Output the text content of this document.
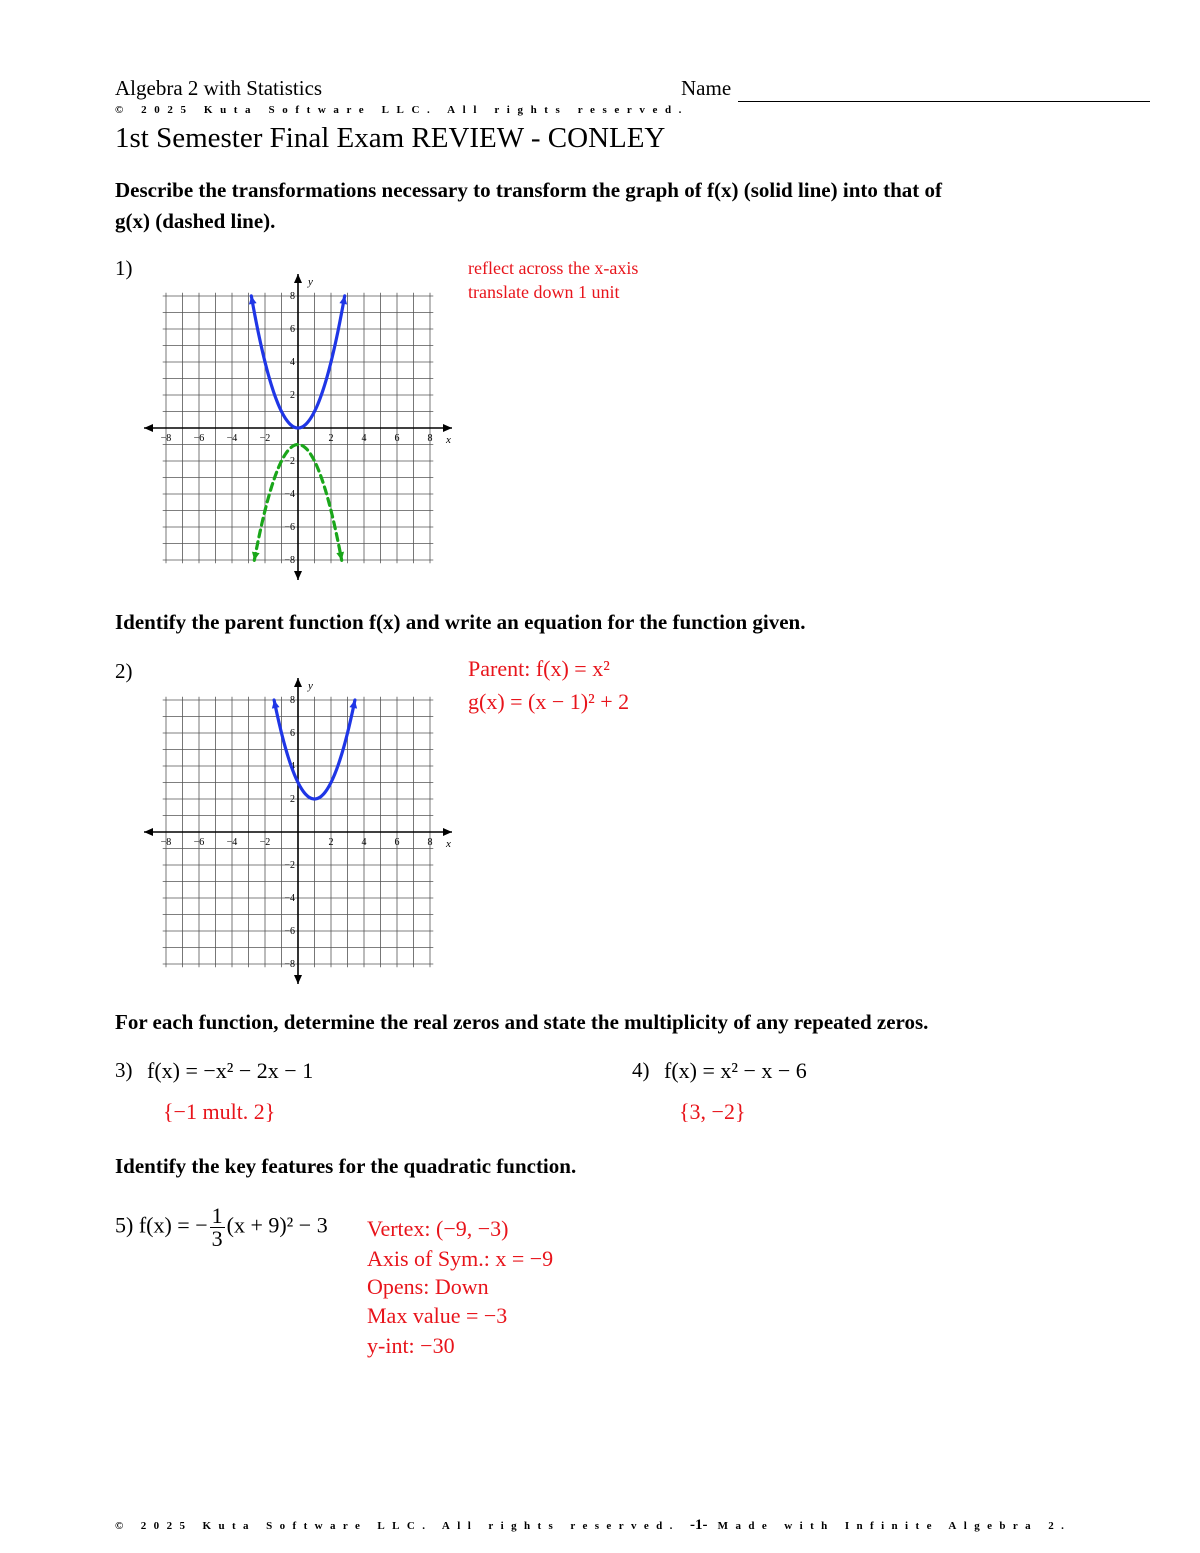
Algebra 2 with Statistics	Name
© 2025 Kuta Software LLC. All rights reserved.
1st Semester Final Exam REVIEW - CONLEY
Describe the transformations necessary to transform the graph of f(x) (solid line) into that of
g(x) (dashed line).
1)	reflect across the x-axis
translate down 1 unit
−8 −6 −4 −2	2	4	6	8
8
6
4
2
−2
−4
−6
−8
x
y
Identify the parent function f(x) and write an equation for the function given.
2)	Parent: f(x) = x²
g(x) = (x − 1)² + 2
−8 −6 −4 −2	2	4	6	8
8
6
4
2
−2
−4
−6
−8
x
y
For each function, determine the real zeros and state the multiplicity of any repeated zeros.
3) f(x) = −x² − 2x − 1
{−1 mult. 2}
4) f(x) = x² − x − 6
{3, −2}
Identify the key features for the quadratic function.
5) f(x) = − $\frac{1}{3} (x + 9)^2 - 3$ Vertex: (−9, −3)
Axis of Sym.: x = −9
Opens: Down
Max value = −3
y-int: −30
© 2025 Kuta Software LLC. All rights reserved. -1- Made with Infinite Algebra 2.
